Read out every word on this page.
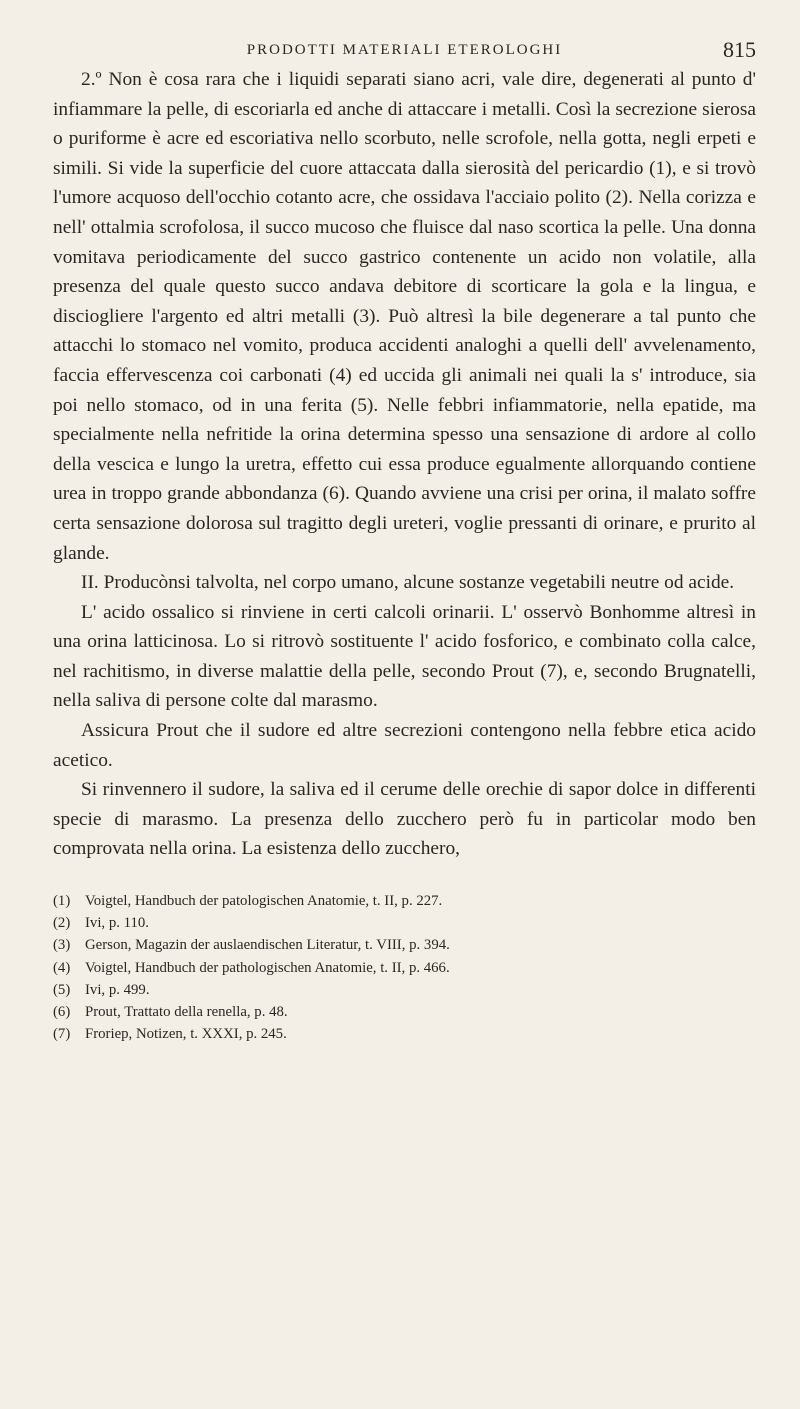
PRODOTTI MATERIALI ETEROLOGHI	815

2.º Non è cosa rara che i liquidi separati siano acri, vale dire, degenerati al punto d' infiammare la pelle, di escoriarla ed anche di attaccare i metalli. Così la secrezione sierosa o puriforme è acre ed escoriativa nello scorbuto, nelle scrofole, nella gotta, negli erpeti e simili. Si vide la superficie del cuore attaccata dalla sierosità del pericardio (1), e si trovò l'umore acquoso dell'occhio cotanto acre, che ossidava l'acciaio polito (2). Nella corizza e nell' ottalmia scrofolosa, il succo mucoso che fluisce dal naso scortica la pelle. Una donna vomitava periodicamente del succo gastrico contenente un acido non volatile, alla presenza del quale questo succo andava debitore di scorticare la gola e la lingua, e disciogliere l'argento ed altri metalli (3). Può altresì la bile degenerare a tal punto che attacchi lo stomaco nel vomito, produca accidenti analoghi a quelli dell' avvelenamento, faccia effervescenza coi carbonati (4) ed uccida gli animali nei quali la s' introduce, sia poi nello stomaco, od in una ferita (5). Nelle febbri infiammatorie, nella epatide, ma specialmente nella nefritide la orina determina spesso una sensazione di ardore al collo della vescica e lungo la uretra, effetto cui essa produce egualmente allorquando contiene urea in troppo grande abbondanza (6). Quando avviene una crisi per orina, il malato soffre certa sensazione dolorosa sul tragitto degli ureteri, voglie pressanti di orinare, e prurito al glande.

II. Producònsi talvolta, nel corpo umano, alcune sostanze vegetabili neutre od acide.

L' acido ossalico si rinviene in certi calcoli orinarii. L' osservò Bonhomme altresì in una orina latticinosa. Lo si ritrovò sostituente l' acido fosforico, e combinato colla calce, nel rachitismo, in diverse malattie della pelle, secondo Prout (7), e, secondo Brugnatelli, nella saliva di persone colte dal marasmo.

Assicura Prout che il sudore ed altre secrezioni contengono nella febbre etica acido acetico.

Si rinvennero il sudore, la saliva ed il cerume delle orechie di sapor dolce in differenti specie di marasmo. La presenza dello zucchero però fu in particolar modo ben comprovata nella orina. La esistenza dello zucchero,

(1) Voigtel, Handbuch der patologischen Anatomie, t. II, p. 227.
(2) Ivi, p. 110.
(3) Gerson, Magazin der auslaendischen Literatur, t. VIII, p. 394.
(4) Voigtel, Handbuch der pathologischen Anatomie, t. II, p. 466.
(5) Ivi, p. 499.
(6) Prout, Trattato della renella, p. 48.
(7) Froriep, Notizen, t. XXXI, p. 245.
